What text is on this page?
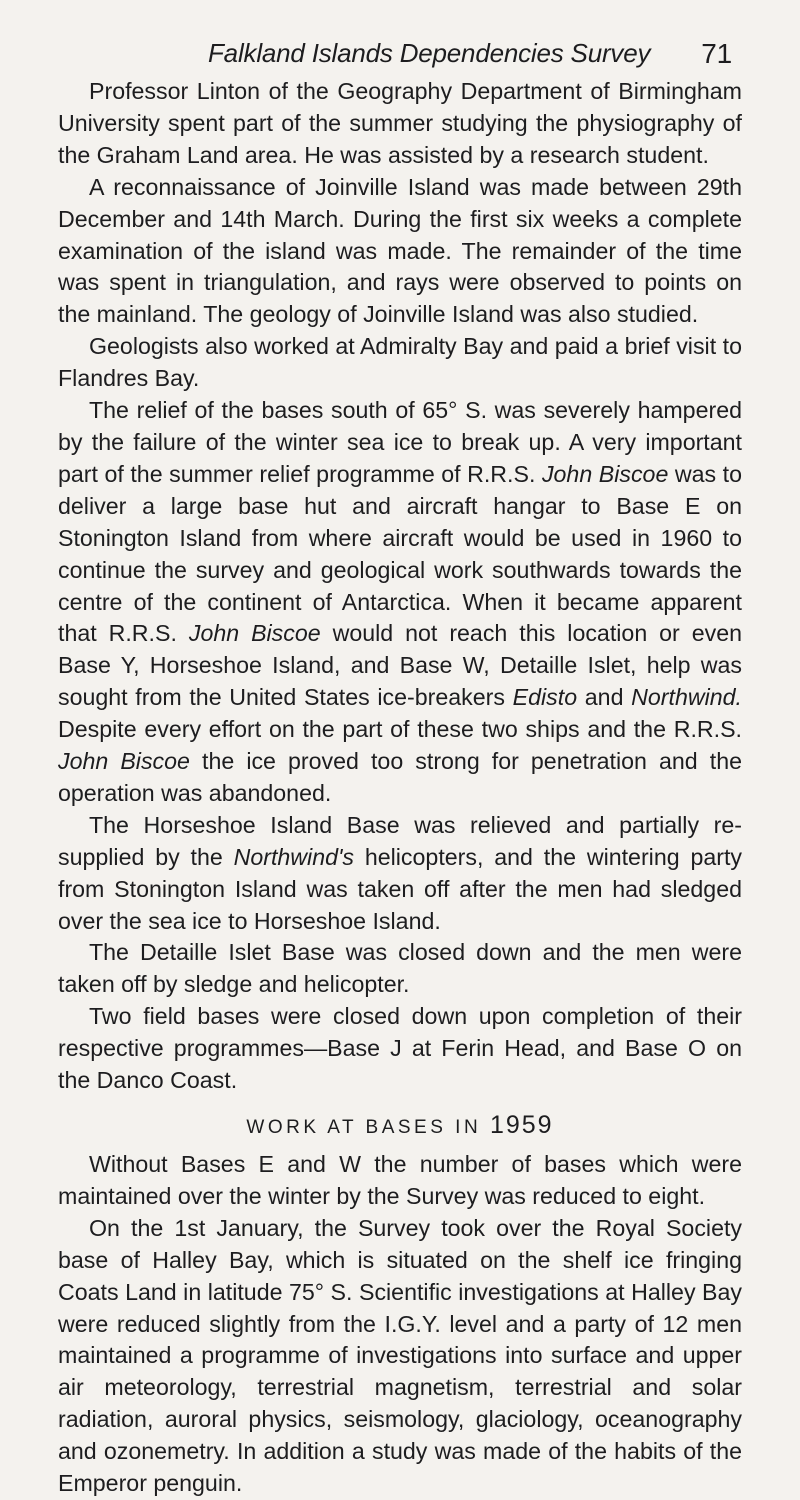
Falkland Islands Dependencies Survey 71

Professor Linton of the Geography Department of Birmingham University spent part of the summer studying the physiography of the Graham Land area. He was assisted by a research student.

A reconnaissance of Joinville Island was made between 29th December and 14th March. During the first six weeks a complete examination of the island was made. The remainder of the time was spent in triangulation, and rays were observed to points on the mainland. The geology of Joinville Island was also studied.

Geologists also worked at Admiralty Bay and paid a brief visit to Flandres Bay.

The relief of the bases south of 65° S. was severely hampered by the failure of the winter sea ice to break up. A very important part of the summer relief programme of R.R.S. John Biscoe was to deliver a large base hut and aircraft hangar to Base E on Stonington Island from where aircraft would be used in 1960 to continue the survey and geological work southwards towards the centre of the continent of Antarctica. When it became apparent that R.R.S. John Biscoe would not reach this location or even Base Y, Horseshoe Island, and Base W, Detaille Islet, help was sought from the United States ice-breakers Edisto and Northwind. Despite every effort on the part of these two ships and the R.R.S. John Biscoe the ice proved too strong for penetration and the operation was abandoned.

The Horseshoe Island Base was relieved and partially re-supplied by the Northwind's helicopters, and the wintering party from Stonington Island was taken off after the men had sledged over the sea ice to Horseshoe Island.

The Detaille Islet Base was closed down and the men were taken off by sledge and helicopter.

Two field bases were closed down upon completion of their respective programmes—Base J at Ferin Head, and Base O on the Danco Coast.

WORK AT BASES IN 1959

Without Bases E and W the number of bases which were maintained over the winter by the Survey was reduced to eight.

On the 1st January, the Survey took over the Royal Society base of Halley Bay, which is situated on the shelf ice fringing Coats Land in latitude 75° S. Scientific investigations at Halley Bay were reduced slightly from the I.G.Y. level and a party of 12 men maintained a programme of investigations into surface and upper air meteorology, terrestrial magnetism, terrestrial and solar radiation, auroral physics, seismology, glaciology, oceanography and ozonemetry. In addition a study was made of the habits of the Emperor penguin.
